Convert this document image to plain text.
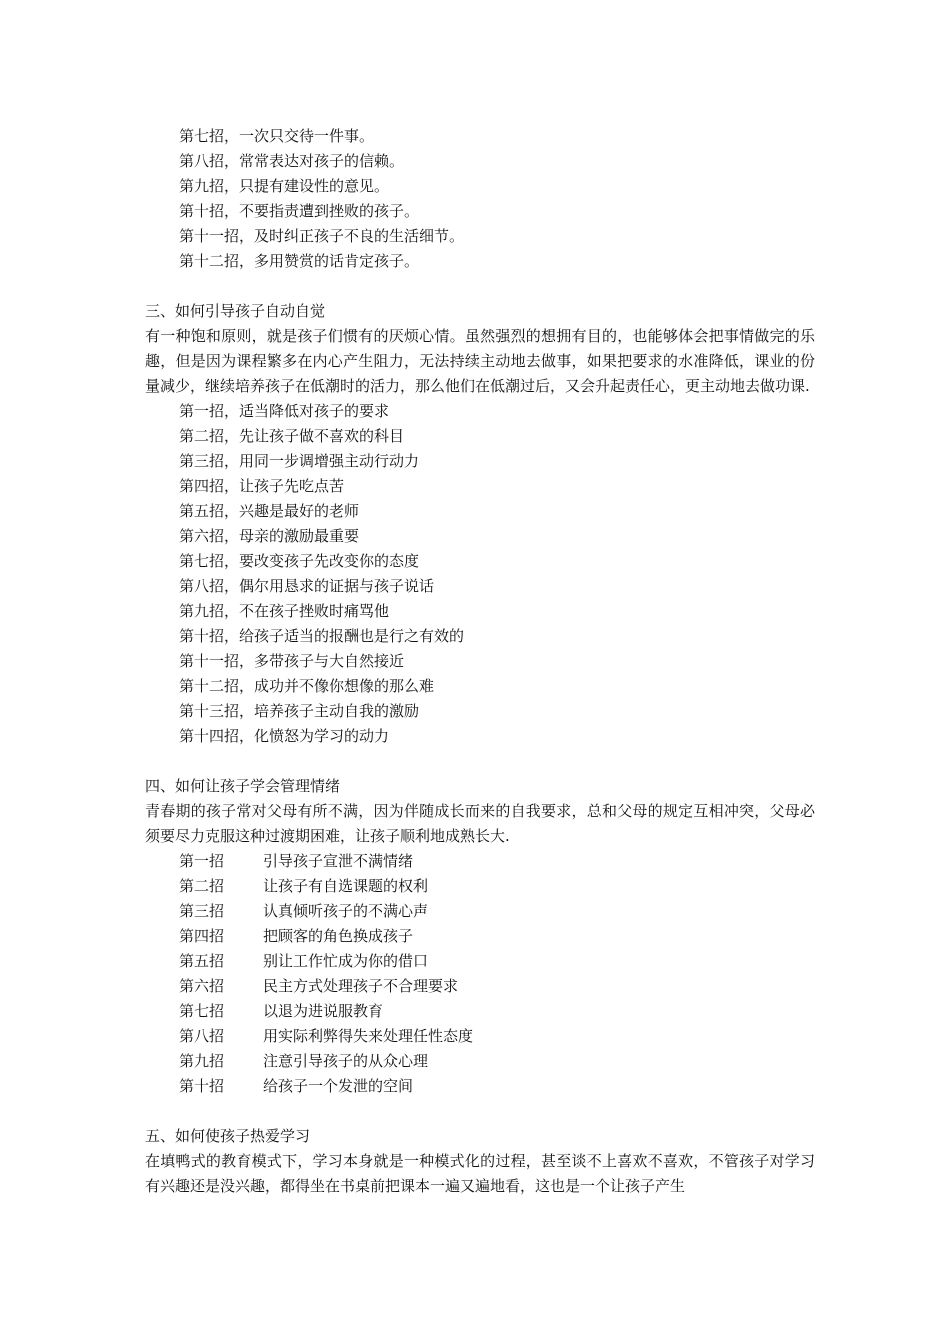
第七招，一次只交待一件事。
第八招，常常表达对孩子的信赖。
第九招，只提有建设性的意见。
第十招，不要指责遭到挫败的孩子。
第十一招，及时纠正孩子不良的生活细节。
第十二招，多用赞赏的话肯定孩子。
三、如何引导孩子自动自觉
有一种饱和原则，就是孩子们惯有的厌烦心情。虽然强烈的想拥有目的，也能够体会把事情做完的乐趣，但是因为课程繁多在内心产生阻力，无法持续主动地去做事，如果把要求的水准降低，课业的份量减少，继续培养孩子在低潮时的活力，那么他们在低潮过后，又会升起责任心，更主动地去做功课.
第一招，适当降低对孩子的要求
第二招，先让孩子做不喜欢的科目
第三招，用同一步调增强主动行动力
第四招，让孩子先吃点苦
第五招，兴趣是最好的老师
第六招，母亲的激励最重要
第七招，要改变孩子先改变你的态度
第八招，偶尔用恳求的证据与孩子说话
第九招，不在孩子挫败时痛骂他
第十招，给孩子适当的报酬也是行之有效的
第十一招，多带孩子与大自然接近
第十二招，成功并不像你想像的那么难
第十三招，培养孩子主动自我的激励
第十四招，化愤怒为学习的动力
四、如何让孩子学会管理情绪
青春期的孩子常对父母有所不满，因为伴随成长而来的自我要求，总和父母的规定互相冲突，父母必须要尽力克服这种过渡期困难，让孩子顺利地成熟长大.
第一招	引导孩子宣泄不满情绪
第二招	让孩子有自选课题的权利
第三招	认真倾听孩子的不满心声
第四招	把顾客的角色换成孩子
第五招	别让工作忙成为你的借口
第六招	民主方式处理孩子不合理要求
第七招	以退为进说服教育
第八招	用实际利弊得失来处理任性态度
第九招	注意引导孩子的从众心理
第十招	给孩子一个发泄的空间
五、如何使孩子热爱学习
在填鸭式的教育模式下，学习本身就是一种模式化的过程，甚至谈不上喜欢不喜欢，不管孩子对学习有兴趣还是没兴趣，都得坐在书桌前把课本一遍又遍地看，这也是一个让孩子产生
